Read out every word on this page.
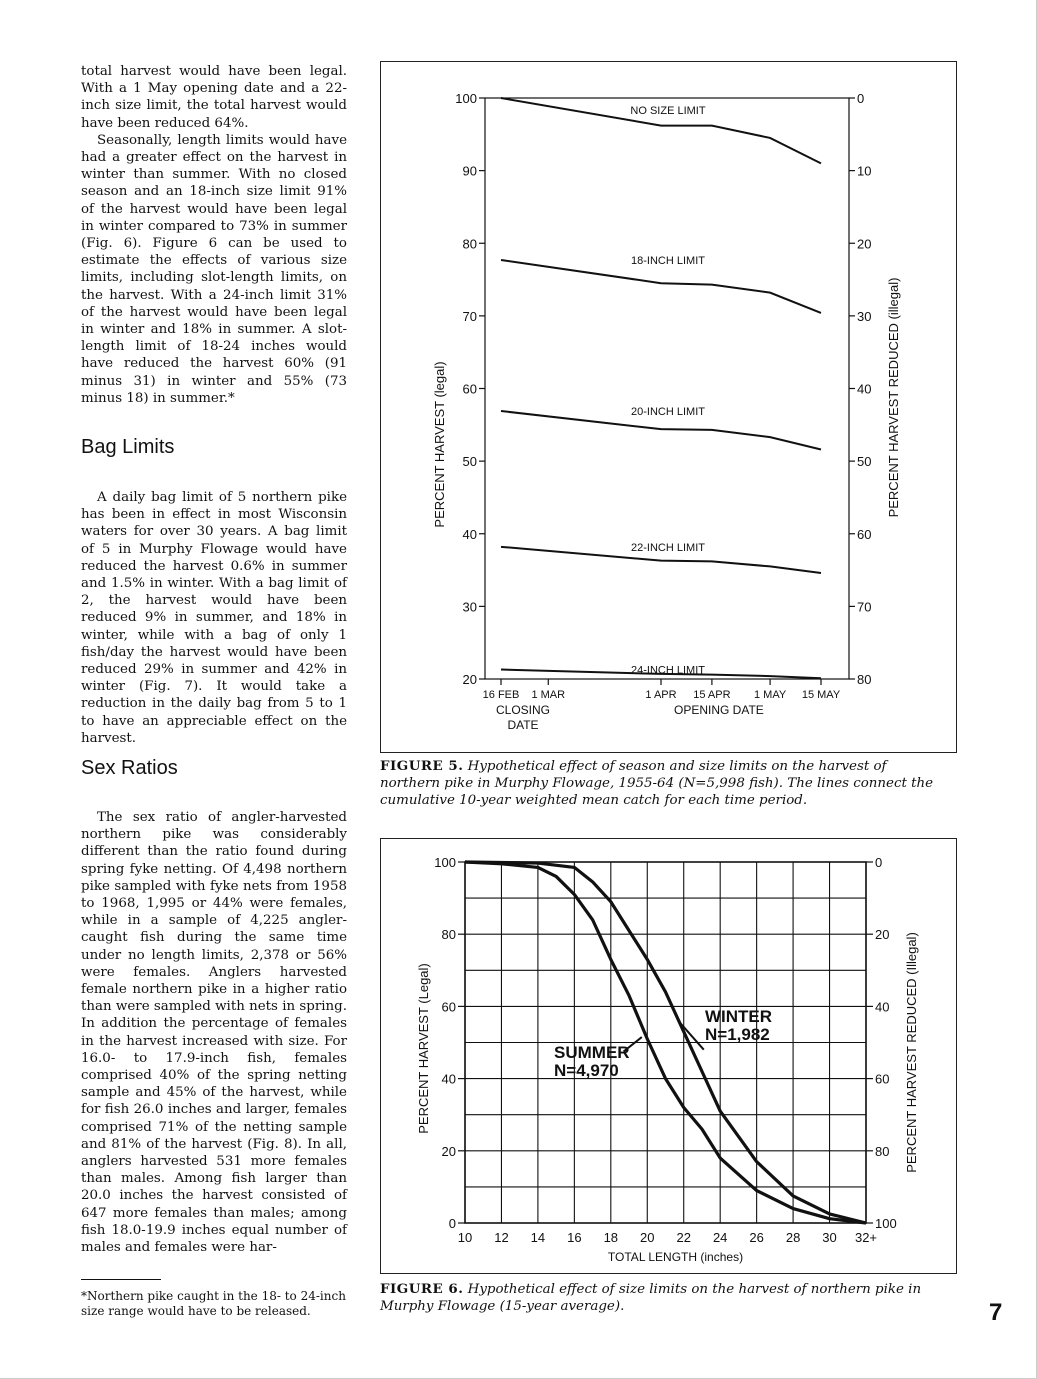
total harvest would have been legal. With a 1 May opening date and a 22-inch size limit, the total harvest would have been reduced 64%.

Seasonally, length limits would have had a greater effect on the harvest in winter than summer. With no closed season and an 18-inch size limit 91% of the harvest would have been legal in winter compared to 73% in summer (Fig. 6). Figure 6 can be used to estimate the effects of various size limits, including slot-length limits, on the harvest. With a 24-inch limit 31% of the harvest would have been legal in winter and 18% in summer. A slot-length limit of 18-24 inches would have reduced the harvest 60% (91 minus 31) in winter and 55% (73 minus 18) in summer.*

Bag Limits

A daily bag limit of 5 northern pike has been in effect in most Wisconsin waters for over 30 years. A bag limit of 5 in Murphy Flowage would have reduced the harvest 0.6% in summer and 1.5% in winter. With a bag limit of 2, the harvest would have been reduced 9% in summer, and 18% in winter, while with a bag of only 1 fish/day the harvest would have been reduced 29% in summer and 42% in winter (Fig. 7). It would take a reduction in the daily bag from 5 to 1 to have an appreciable effect on the harvest.

Sex Ratios

The sex ratio of angler-harvested northern pike was considerably different than the ratio found during spring fyke netting. Of 4,498 northern pike sampled with fyke nets from 1958 to 1968, 1,995 or 44% were females, while in a sample of 4,225 angler-caught fish during the same time under no length limits, 2,378 or 56% were females. Anglers harvested female northern pike in a higher ratio than were sampled with nets in spring. In addition the percentage of females in the harvest increased with size. For 16.0- to 17.9-inch fish, females comprised 40% of the spring netting sample and 45% of the harvest, while for fish 26.0 inches and larger, females comprised 71% of the netting sample and 81% of the harvest (Fig. 8). In all, anglers harvested 531 more females than males. Among fish larger than 20.0 inches the harvest consisted of 647 more females than males; among fish 18.0-19.9 inches equal number of males and females were har-

*Northern pike caught in the 18- to 24-inch size range would have to be released.
100
90
80
70
60
50
40
30
20
0
10
20
30
40
50
60
70
80
16 FEB 1 MAR	1 APR 15 APR 1 MAY 15 MAY
CLOSING
DATE
OPENING DATE
PERCENT HARVEST (legal)	PERCENT HARVEST REDUCED (illegal)
NO SIZE LIMIT
18-INCH LIMIT
20-INCH LIMIT
22-INCH LIMIT
24-INCH LIMIT
FIGURE 5. Hypothetical effect of season and size limits on the harvest of northern pike in Murphy Flowage, 1955-64 (N=5,998 fish). The lines connect the cumulative 10-year weighted mean catch for each time period.
100
80
60
40
20
0
0
20
40
60
80
100
10 12 14 16 18 20 22 24 26 28 30 32+
TOTAL LENGTH (inches)
PERCENT HARVEST (Legal)	PERCENT HARVEST REDUCED (Illegal)
WINTER
N=1,982
SUMMER
N=4,970
FIGURE 6. Hypothetical effect of size limits on the harvest of northern pike in Murphy Flowage (15-year average).	7
